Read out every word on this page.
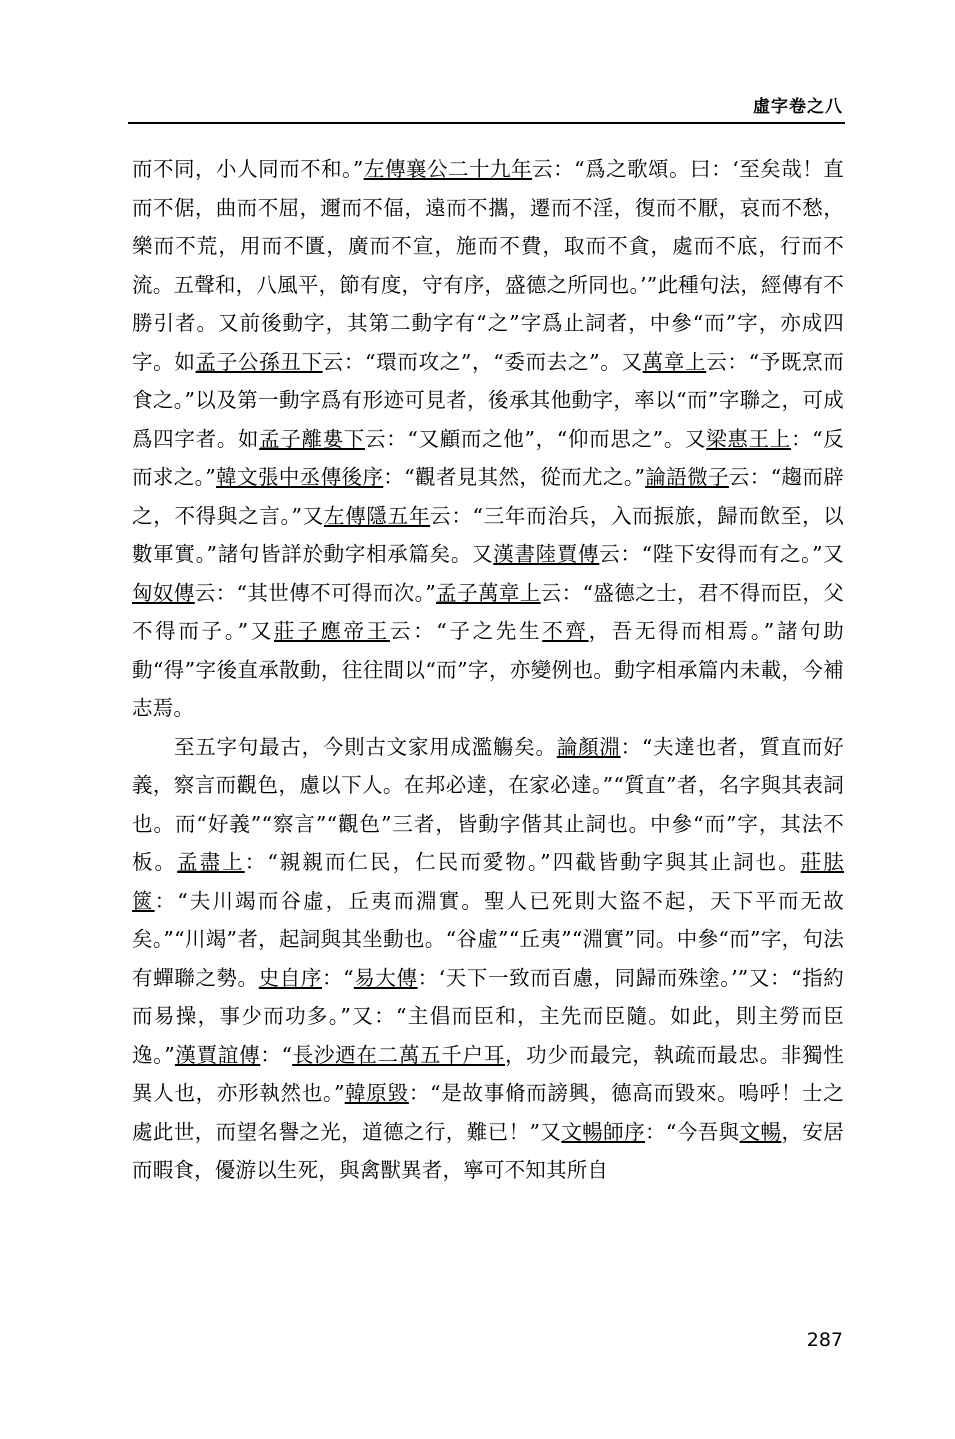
虛字卷之八
而不同，小人同而不和。”左傳襄公二十九年云：“爲之歌頌。曰：‘至矣哉！直而不倨，曲而不屈，邇而不偪，遠而不攜，遷而不淫，復而不厭，哀而不愁，樂而不荒，用而不匱，廣而不宣，施而不費，取而不貪，處而不底，行而不流。五聲和，八風平，節有度，守有序，盛德之所同也。’”此種句法，經傳有不勝引者。又前後動字，其第二動字有“之”字爲止詞者，中參“而”字，亦成四字。如孟子公孫丑下云：“環而攻之”，“委而去之”。又萬章上云：“予既烹而食之。”以及第一動字爲有形迹可見者，後承其他動字，率以“而”字聯之，可成爲四字者。如孟子離婁下云：“又顧而之他”，“仰而思之”。又梁惠王上：“反而求之。”韓文張中丞傳後序：“觀者見其然，從而尤之。”論語微子云：“趨而辟之，不得與之言。”又左傳隱五年云：“三年而治兵，入而振旅，歸而飲至，以數軍實。”諸句皆詳於動字相承篇矣。又漢書陸賈傳云：“陛下安得而有之。”又匈奴傳云：“其世傳不可得而次。”孟子萬章上云：“盛德之士，君不得而臣，父不得而子。”又莊子應帝王云：“子之先生不齊，吾无得而相焉。”諸句助動“得”字後直承散動，往往間以“而”字，亦變例也。動字相承篇内未載，今補志焉。
至五字句最古，今則古文家用成濫觴矣。論顏淵：“夫達也者，質直而好義，察言而觀色，慮以下人。在邦必達，在家必達。”“質直”者，名字與其表詞也。而“好義”“察言”“觀色”三者，皆動字偕其止詞也。中參“而”字，其法不板。孟盡上：“親親而仁民，仁民而愛物。”四截皆動字與其止詞也。莊胠篋：“夫川竭而谷虛，丘夷而淵實。聖人已死則大盜不起，天下平而无故矣。”“川竭”者，起詞與其坐動也。“谷虛”“丘夷”“淵實”同。中參“而”字，句法有蟬聯之勢。史自序：“易大傳：‘天下一致而百慮，同歸而殊塗。’”又：“指約而易操，事少而功多。”又：“主倡而臣和，主先而臣隨。如此，則主勞而臣逸。”漢賈誼傳：“長沙迺在二萬五千户耳，功少而最完，執疏而最忠。非獨性異人也，亦形執然也。”韓原毀：“是故事脩而謗興，德高而毀來。嗚呼！士之處此世，而望名譽之光，道德之行，難已！”又文暢師序：“今吾與文暢，安居而暇食，優游以生死，與禽獸異者，寧可不知其所自
287
